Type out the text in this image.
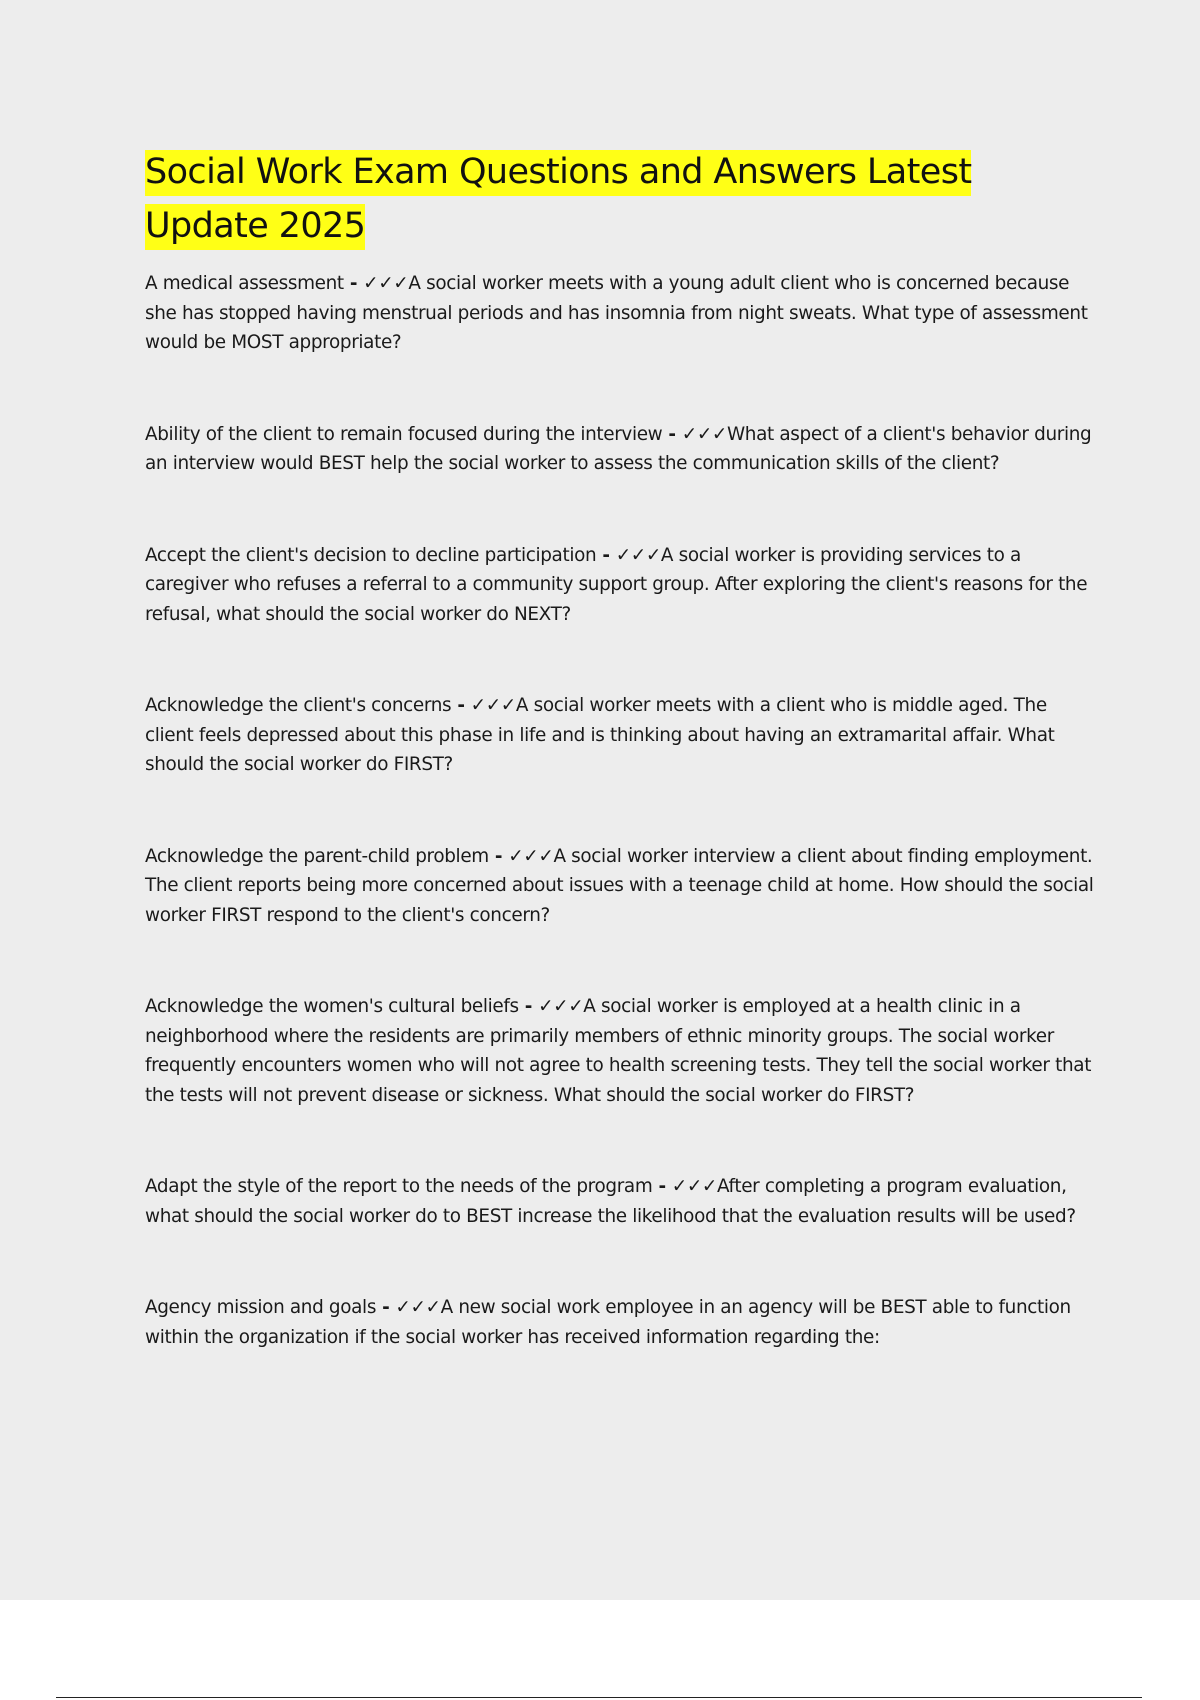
Social Work Exam Questions and Answers Latest Update 2025

A medical assessment - ✓✓✓A social worker meets with a young adult client who is concerned because she has stopped having menstrual periods and has insomnia from night sweats. What type of assessment would be MOST appropriate?

Ability of the client to remain focused during the interview - ✓✓✓What aspect of a client's behavior during an interview would BEST help the social worker to assess the communication skills of the client?

Accept the client's decision to decline participation - ✓✓✓A social worker is providing services to a caregiver who refuses a referral to a community support group. After exploring the client's reasons for the refusal, what should the social worker do NEXT?

Acknowledge the client's concerns - ✓✓✓A social worker meets with a client who is middle aged. The client feels depressed about this phase in life and is thinking about having an extramarital affair. What should the social worker do FIRST?

Acknowledge the parent-child problem - ✓✓✓A social worker interview a client about finding employment. The client reports being more concerned about issues with a teenage child at home. How should the social worker FIRST respond to the client's concern?

Acknowledge the women's cultural beliefs - ✓✓✓A social worker is employed at a health clinic in a neighborhood where the residents are primarily members of ethnic minority groups. The social worker frequently encounters women who will not agree to health screening tests. They tell the social worker that the tests will not prevent disease or sickness. What should the social worker do FIRST?

Adapt the style of the report to the needs of the program - ✓✓✓After completing a program evaluation, what should the social worker do to BEST increase the likelihood that the evaluation results will be used?

Agency mission and goals - ✓✓✓A new social work employee in an agency will be BEST able to function within the organization if the social worker has received information regarding the:
